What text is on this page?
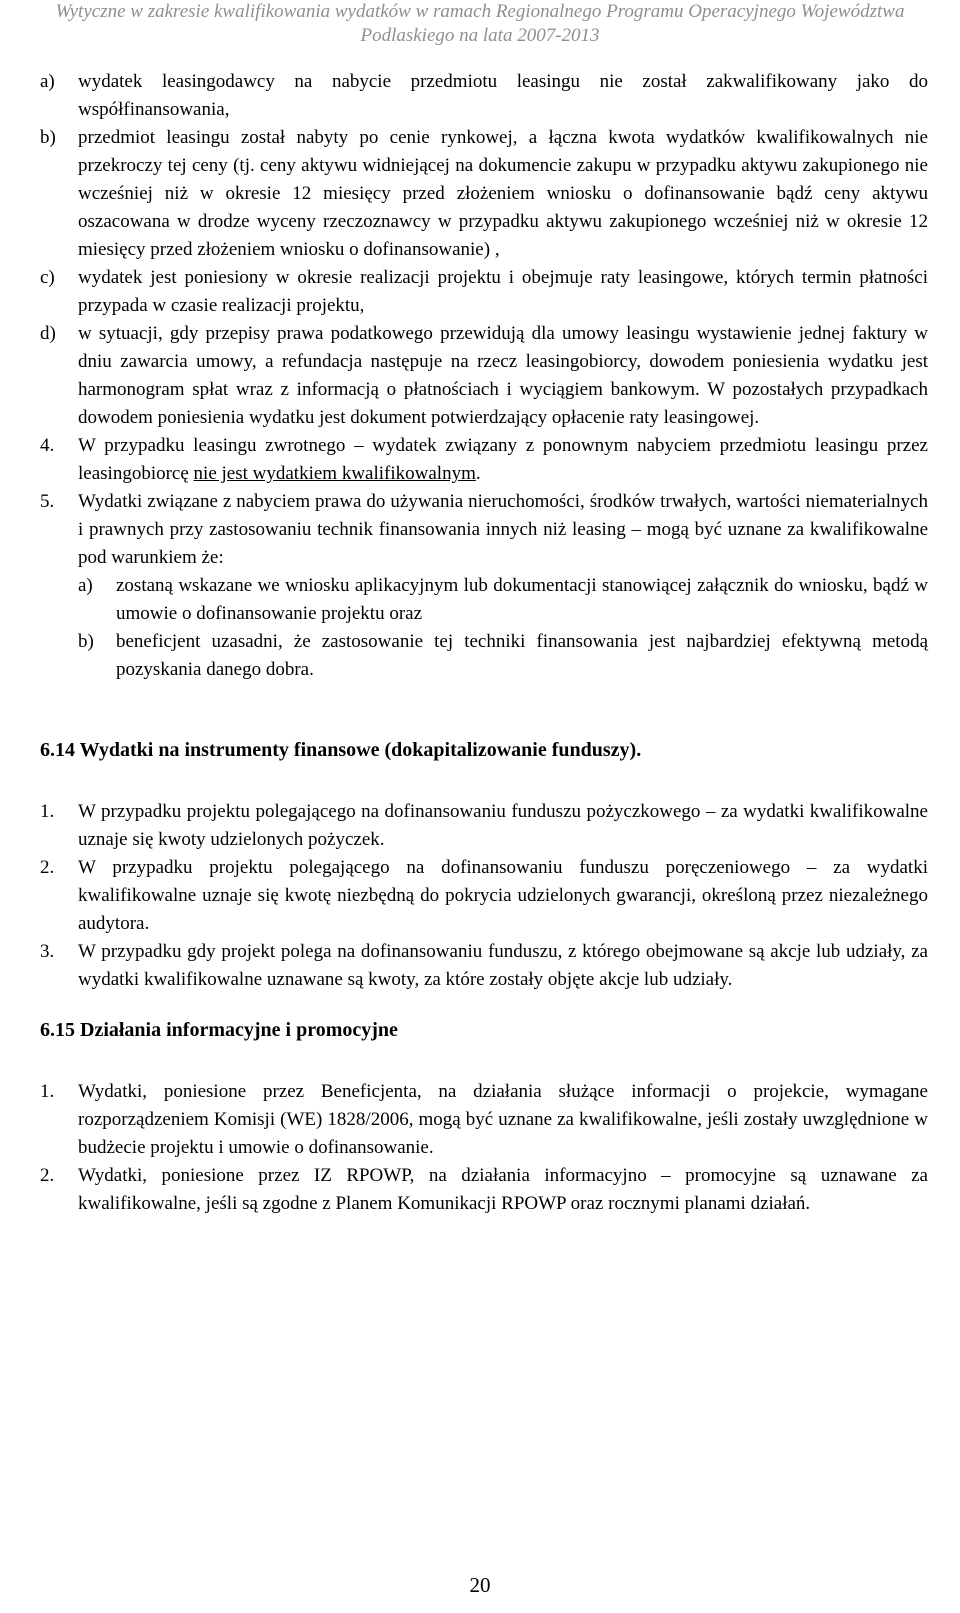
Wytyczne w zakresie kwalifikowania wydatków w ramach Regionalnego Programu Operacyjnego Województwa
Podlaskiego na lata 2007-2013
a)	wydatek leasingodawcy na nabycie przedmiotu leasingu nie został zakwalifikowany jako do współfinansowania,
b)	przedmiot leasingu został nabyty po cenie rynkowej, a łączna kwota wydatków kwalifikowalnych nie przekroczy tej ceny (tj. ceny aktywu widniejącej na dokumencie zakupu w przypadku aktywu zakupionego nie wcześniej niż w okresie 12 miesięcy przed złożeniem wniosku o dofinansowanie bądź ceny aktywu oszacowana w drodze wyceny rzeczoznawcy w przypadku aktywu zakupionego wcześniej niż w okresie 12 miesięcy przed złożeniem wniosku o dofinansowanie) ,
c)	wydatek jest poniesiony w okresie realizacji projektu i obejmuje raty leasingowe, których termin płatności przypada w czasie realizacji projektu,
d)	w sytuacji, gdy przepisy prawa podatkowego przewidują dla umowy leasingu wystawienie jednej faktury w dniu zawarcia umowy, a refundacja następuje na rzecz leasingobiorcy, dowodem poniesienia wydatku jest harmonogram spłat wraz z informacją o płatnościach i wyciągiem bankowym. W pozostałych przypadkach dowodem poniesienia wydatku jest dokument potwierdzający opłacenie raty leasingowej.
4.	W przypadku leasingu zwrotnego – wydatek związany z ponownym nabyciem przedmiotu leasingu przez leasingobiorcę nie jest wydatkiem kwalifikowalnym.
5.	Wydatki związane z nabyciem prawa do używania nieruchomości, środków trwałych, wartości niematerialnych i prawnych przy zastosowaniu technik finansowania innych niż leasing – mogą być uznane za kwalifikowalne pod warunkiem że:
a)	zostaną wskazane we wniosku aplikacyjnym lub dokumentacji stanowiącej załącznik do wniosku, bądź w umowie o dofinansowanie projektu oraz
b)	beneficjent uzasadni, że zastosowanie tej techniki finansowania jest najbardziej efektywną metodą pozyskania danego dobra.

6.14 Wydatki na instrumenty finansowe (dokapitalizowanie funduszy).

1.	W przypadku projektu polegającego na dofinansowaniu funduszu pożyczkowego – za wydatki kwalifikowalne uznaje się kwoty udzielonych pożyczek.
2.	W przypadku projektu polegającego na dofinansowaniu funduszu poręczeniowego – za wydatki kwalifikowalne uznaje się kwotę niezbędną do pokrycia udzielonych gwarancji, określoną przez niezależnego audytora.
3.	W przypadku gdy projekt polega na dofinansowaniu funduszu, z którego obejmowane są akcje lub udziały, za wydatki kwalifikowalne uznawane są kwoty, za które zostały objęte akcje lub udziały.

6.15 Działania informacyjne i promocyjne

1.	Wydatki, poniesione przez Beneficjenta, na działania służące informacji o projekcie, wymagane rozporządzeniem Komisji (WE) 1828/2006, mogą być uznane za kwalifikowalne, jeśli zostały uwzględnione w budżecie projektu i umowie o dofinansowanie.
2.	Wydatki, poniesione przez IZ RPOWP, na działania informacyjno – promocyjne są uznawane za kwalifikowalne, jeśli są zgodne z Planem Komunikacji RPOWP oraz rocznymi planami działań.
20
